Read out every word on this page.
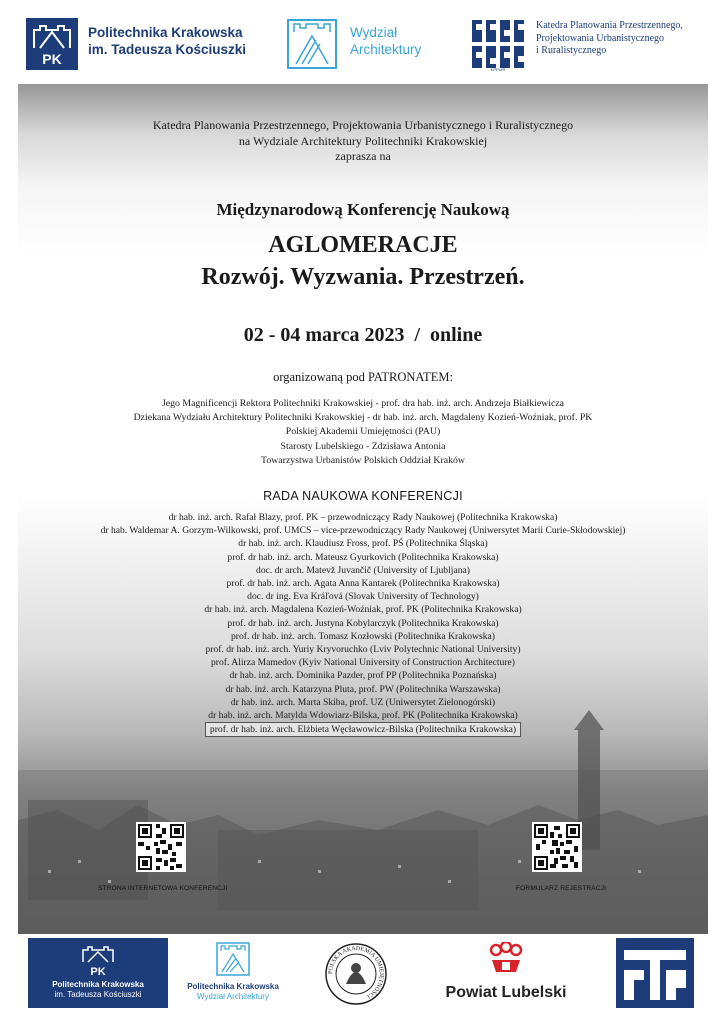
PK
Politechnika Krakowska
im. Tadeusza Kościuszki
Wydział
Architektury
KPPUiR
Katedra Planowania Przestrzennego,
Projektowania Urbanistycznego
i Ruralistycznego
Katedra Planowania Przestrzennego, Projektowania Urbanistycznego i Ruralistycznego
na Wydziale Architektury Politechniki Krakowskiej
zaprasza na
Międzynarodową Konferencję Naukową
AGLOMERACJE
Rozwój. Wyzwania. Przestrzeń.
02 - 04 marca 2023  /  online
organizowaną pod PATRONATEM:
Jego Magnificencji Rektora Politechniki Krakowskiej - prof. dra hab. inż. arch. Andrzeja Białkiewicza
Dziekana Wydziału Architektury Politechniki Krakowskiej - dr hab. inż. arch. Magdaleny Kozień-Woźniak, prof. PK
Polskiej Akademii Umiejętności (PAU)
Starosty Lubelskiego - Zdzisława Antonia
Towarzystwa Urbanistów Polskich Oddział Kraków
RADA NAUKOWA KONFERENCJI
dr hab. inż. arch. Rafał Blazy, prof. PK – przewodniczący Rady Naukowej (Politechnika Krakowska)
dr hab. Waldemar A. Gorzym-Wilkowski, prof. UMCS – vice-przewodniczący Rady Naukowej (Uniwersytet Marii Curie-Skłodowskiej)
dr hab. inż. arch. Klaudiusz Fross, prof. PŚ (Politechnika Śląska)
prof. dr hab. inż. arch. Mateusz Gyurkovich (Politechnika Krakowska)
doc. dr arch. Matevž Juvančič (University of Ljubljana)
prof. dr hab. inż. arch. Agata Anna Kantarek (Politechnika Krakowska)
doc. dr ing. Eva Kráľová (Slovak University of Technology)
dr hab. inż. arch. Magdalena Kozień-Woźniak, prof. PK (Politechnika Krakowska)
prof. dr hab. inż. arch. Justyna Kobylarczyk (Politechnika Krakowska)
prof. dr hab. inż. arch. Tomasz Kozłowski (Politechnika Krakowska)
prof. dr hab. inż. arch. Yuriy Kryvoruchko (Lviv Polytechnic National University)
prof. Alirza Mamedov (Kyiv National University of Construction Architecture)
dr hab. inż. arch. Dominika Pazder, prof PP (Politechnika Poznańska)
dr hab. inż. arch. Katarzyna Pluta, prof. PW (Politechnika Warszawska)
dr hab. inż. arch. Marta Skiba, prof. UZ (Uniwersytet Zielonogórski)
dr hab. inż. arch. Matylda Wdowiarz-Bilska, prof. PK (Politechnika Krakowska)
prof. dr hab. inż. arch. Elżbieta Węcławowicz-Bilska (Politechnika Krakowska)
STRONA INTERNETOWA KONFERENCJI	FORMULARZ REJESTRACJI
PK
Politechnika Krakowska
im. Tadeusza Kościuszki
Politechnika Krakowska
Wydział Architektury
POLSKA AKADEMIA UMIEJĘTNOŚCI	Powiat Lubelski
